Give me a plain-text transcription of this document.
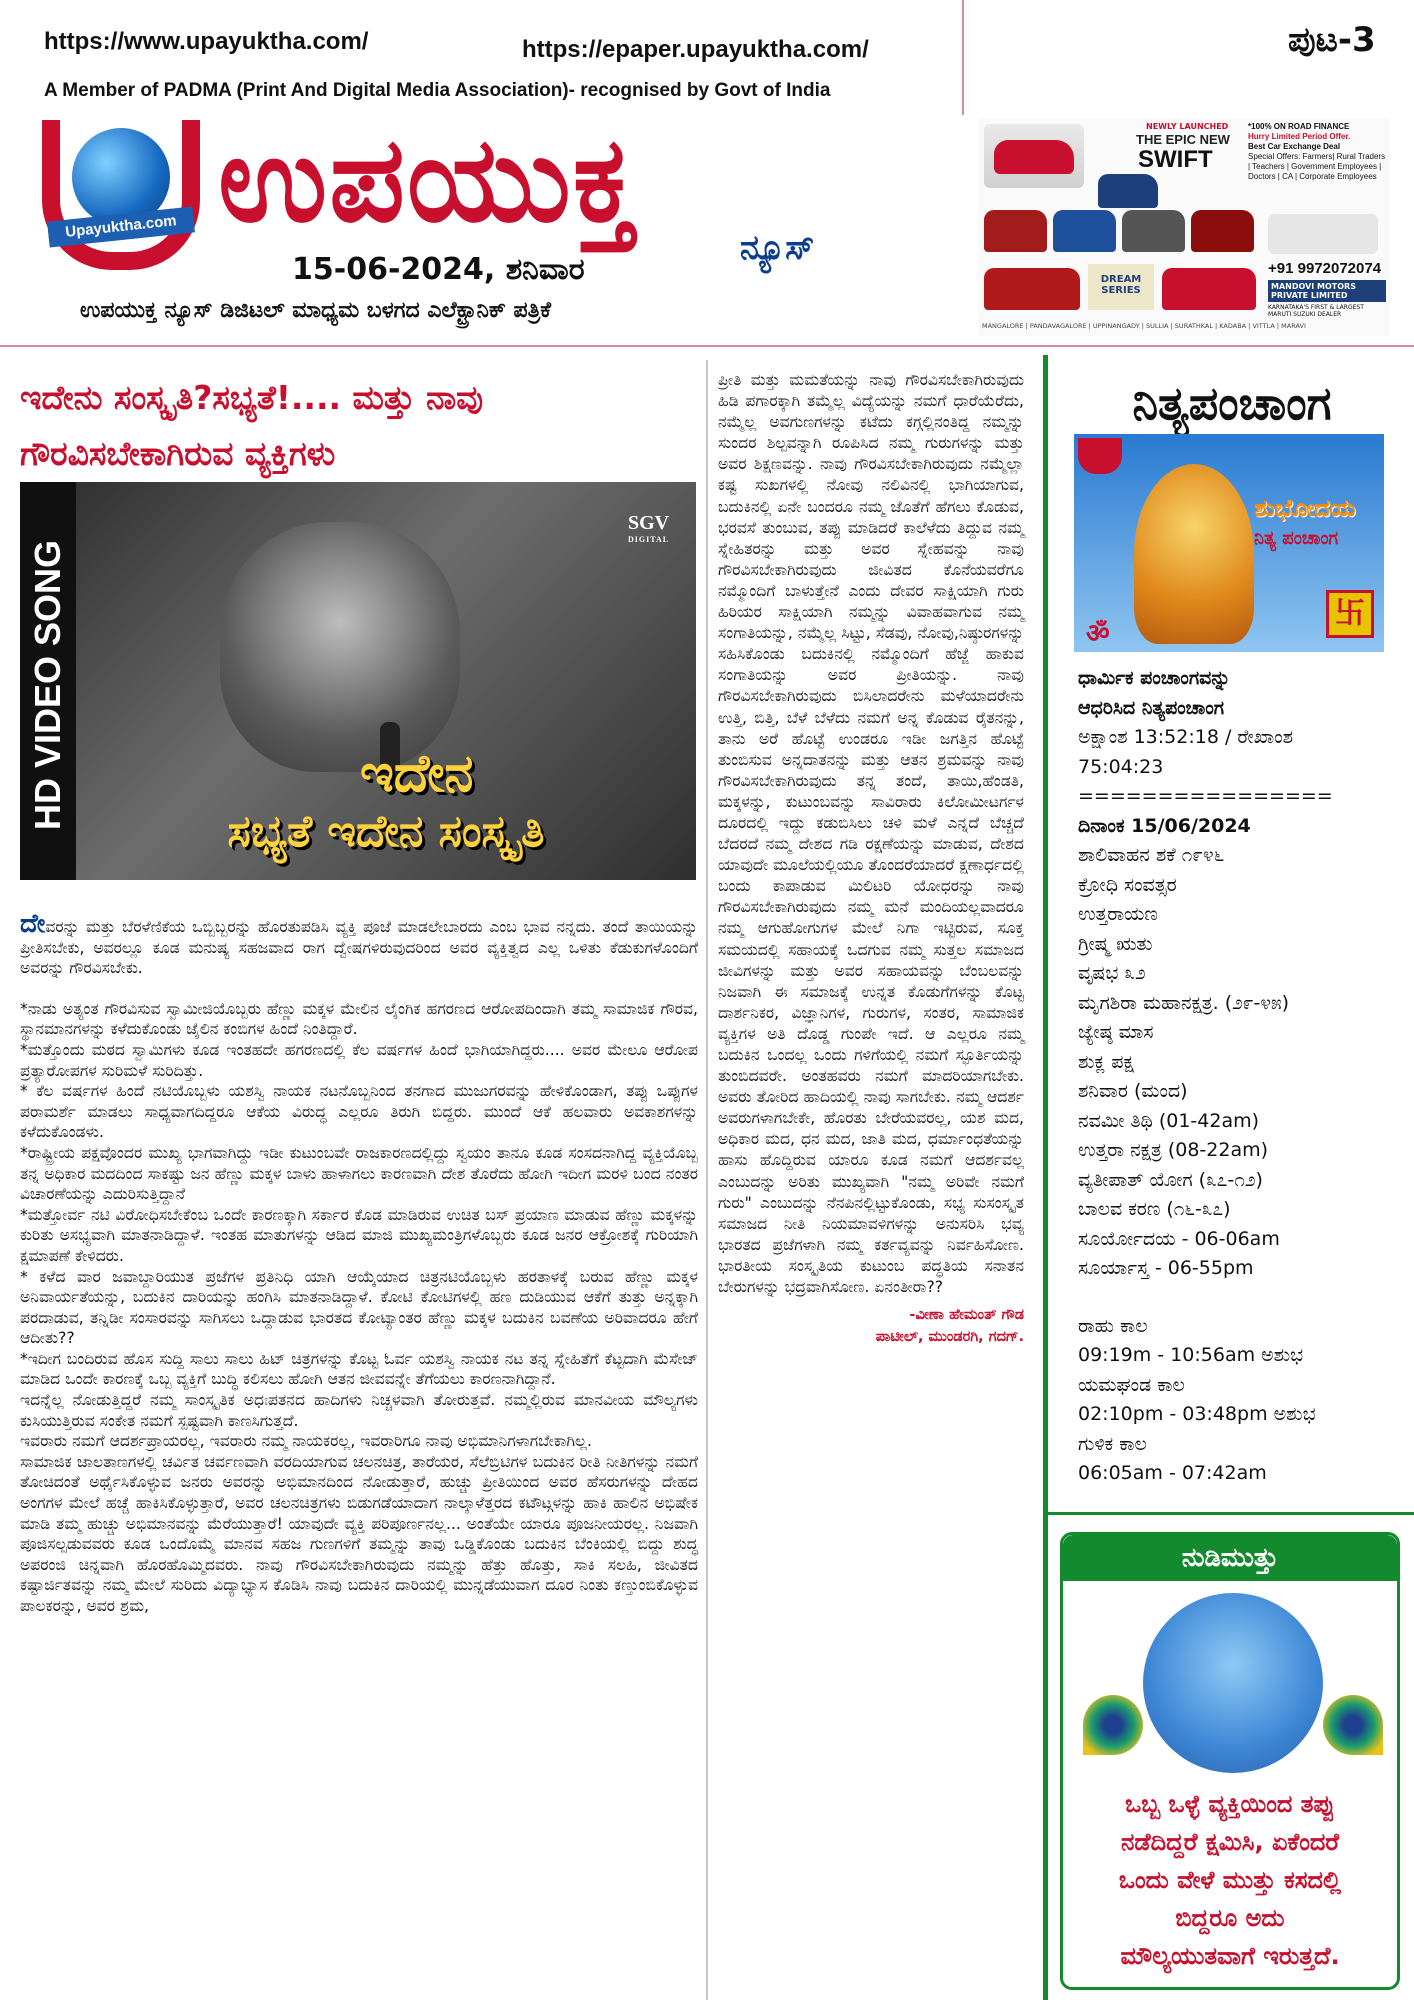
https://www.upayuktha.com/	https://epaper.upayuktha.com/	ಪುಟ-3
A Member of PADMA (Print And Digital Media Association)- recognised by Govt of India
Upayuktha.com ಉಪಯುಕ್ತ	ನ್ಯೂಸ್
15-06-2024, ಶನಿವಾರ
ಉಪಯುಕ್ತ ನ್ಯೂಸ್ ಡಿಜಿಟಲ್ ಮಾಧ್ಯಮ ಬಳಗದ ಎಲೆಕ್ಟ್ರಾನಿಕ್ ಪತ್ರಿಕೆ
NEWLY LAUNCHED
THE EPIC NEW
SWIFT
*100% ON ROAD FINANCE
Hurry Limited Period Offer.
Best Car Exchange Deal
Special Offers: Farmers| Rural Traders | Teachers | Government Employees | Doctors | CA | Corporate Employees
DREAM SERIES
+91 9972072074
MANDOVI MOTORS PRIVATE LIMITED
KARNATAKA'S FIRST & LARGEST MARUTI SUZUKI DEALER
MANGALORE | PANDAVAGALORE | UPPINANGADY | SULLIA | SURATHKAL | KADABA | VITTLA | MARAVI
ಇದೇನು ಸಂಸ್ಕೃತಿ?ಸಭ್ಯತೆ!.... ಮತ್ತು ನಾವು
ಗೌರವಿಸಬೇಕಾಗಿರುವ ವ್ಯಕ್ತಿಗಳು
HD VIDEO SONG
SGV
DIGITAL
ಇದೇನ
ಸಭ್ಯತೆ ಇದೇನ ಸಂಸ್ಕೃತಿ

ದೇವರನ್ನು ಮತ್ತು ಬೆರಳೆಣಿಕೆಯ ಒಬ್ಬಿಬ್ಬರನ್ನು ಹೊರತುಪಡಿಸಿ ವ್ಯಕ್ತಿ ಪೂಜೆ ಮಾಡಲೇಬಾರದು ಎಂಬ ಭಾವ ನನ್ನದು. ತಂದೆ ತಾಯಿಯನ್ನು ಪ್ರೀತಿಸಬೇಕು, ಅವರಲ್ಲೂ ಕೂಡ ಮನುಷ್ಯ ಸಹಜವಾದ ರಾಗ ದ್ವೇಷಗಳಿರುವುದರಿಂದ ಅವರ ವ್ಯಕ್ತಿತ್ವದ ಎಲ್ಲ ಒಳಿತು ಕೆಡುಕುಗಳೊಂದಿಗೆ ಅವರನ್ನು ಗೌರವಿಸಬೇಕು.

*ನಾಡು ಅತ್ಯಂತ ಗೌರವಿಸುವ ಸ್ವಾಮೀಜಿಯೊಬ್ಬರು ಹೆಣ್ಣು ಮಕ್ಕಳ ಮೇಲಿನ ಲೈಂಗಿಕ ಹಗರಣದ ಆರೋಪದಿಂದಾಗಿ ತಮ್ಮ ಸಾಮಾಜಿಕ ಗೌರವ, ಸ್ಥಾನಮಾನಗಳನ್ನು ಕಳೆದುಕೊಂಡು ಜೈಲಿನ ಕಂಬಿಗಳ ಹಿಂದೆ ನಿಂತಿದ್ದಾರೆ.

*ಮತ್ತೊಂದು ಮಠದ ಸ್ವಾಮಿಗಳು ಕೂಡ ಇಂತಹದೇ ಹಗರಣದಲ್ಲಿ ಕೆಲ ವರ್ಷಗಳ ಹಿಂದೆ ಭಾಗಿಯಾಗಿದ್ದರು.... ಅವರ ಮೇಲೂ ಆರೋಪ ಪ್ರತ್ಯಾರೋಪಗಳ ಸುರಿಮಳೆ ಸುರಿದಿತ್ತು.

* ಕೆಲ ವರ್ಷಗಳ ಹಿಂದೆ ನಟಿಯೊಬ್ಬಳು ಯಶಸ್ವಿ ನಾಯಕ ನಟನೊಬ್ಬನಿಂದ ತನಗಾದ ಮುಜುಗರವನ್ನು ಹೇಳಿಕೊಂಡಾಗ, ತಪ್ಪು ಒಪ್ಪುಗಳ ಪರಾಮರ್ಶೆ ಮಾಡಲು ಸಾಧ್ಯವಾಗದಿದ್ದರೂ ಆಕೆಯ ವಿರುದ್ಧ ಎಲ್ಲರೂ ತಿರುಗಿ ಬಿದ್ದರು. ಮುಂದೆ ಆಕೆ ಹಲವಾರು ಅವಕಾಶಗಳನ್ನು ಕಳೆದುಕೊಂಡಳು.

*ರಾಷ್ಟ್ರೀಯ ಪಕ್ಷವೊಂದರ ಮುಖ್ಯ ಭಾಗವಾಗಿದ್ದು ಇಡೀ ಕುಟುಂಬವೇ ರಾಜಕಾರಣದಲ್ಲಿದ್ದು ಸ್ವಯಂ ತಾನೂ ಕೂಡ ಸಂಸದನಾಗಿದ್ದ ವ್ಯಕ್ತಿಯೊಬ್ಬ ತನ್ನ ಅಧಿಕಾರ ಮದದಿಂದ ಸಾಕಷ್ಟು ಜನ ಹೆಣ್ಣು ಮಕ್ಕಳ ಬಾಳು ಹಾಳಾಗಲು ಕಾರಣವಾಗಿ ದೇಶ ತೊರೆದು ಹೋಗಿ ಇದೀಗ ಮರಳಿ ಬಂದ ನಂತರ ವಿಚಾರಣೆಯನ್ನು ಎದುರಿಸುತ್ತಿದ್ದಾನೆ

*ಮತ್ತೋರ್ವ ನಟಿ ವಿರೋಧಿಸಬೇಕೆಂಬ ಒಂದೇ ಕಾರಣಕ್ಕಾಗಿ ಸರ್ಕಾರ ಕೊಡ ಮಾಡಿರುವ ಉಚಿತ ಬಸ್ ಪ್ರಯಾಣ ಮಾಡುವ ಹೆಣ್ಣು ಮಕ್ಕಳನ್ನು ಕುರಿತು ಅಸಭ್ಯವಾಗಿ ಮಾತನಾಡಿದ್ದಾಳೆ. ಇಂತಹ ಮಾತುಗಳನ್ನು ಆಡಿದ ಮಾಜಿ ಮುಖ್ಯಮಂತ್ರಿಗಳೊಬ್ಬರು ಕೂಡ ಜನರ ಆಕ್ರೋಶಕ್ಕೆ ಗುರಿಯಾಗಿ ಕ್ಷಮಾಪಣೆ ಕೇಳಿದರು.

* ಕಳೆದ ವಾರ ಜವಾಬ್ದಾರಿಯುತ ಪ್ರಜೆಗಳ ಪ್ರತಿನಿಧಿ ಯಾಗಿ ಆಯ್ಕೆಯಾದ ಚಿತ್ರನಟಿಯೊಬ್ಬಳು ಹರತಾಳಕ್ಕೆ ಬರುವ ಹೆಣ್ಣು ಮಕ್ಕಳ ಅನಿವಾರ್ಯತೆಯನ್ನು, ಬದುಕಿನ ದಾರಿಯನ್ನು ಹಂಗಿಸಿ ಮಾತನಾಡಿದ್ದಾಳೆ. ಕೋಟಿ ಕೋಟಿಗಳಲ್ಲಿ ಹಣ ದುಡಿಯುವ ಆಕೆಗೆ ತುತ್ತು ಅನ್ನಕ್ಕಾಗಿ ಪರದಾಡುವ, ತನ್ನಿಡೀ ಸಂಸಾರವನ್ನು ಸಾಗಿಸಲು ಒದ್ದಾಡುವ ಭಾರತದ ಕೋಟ್ಯಾಂತರ ಹೆಣ್ಣು ಮಕ್ಕಳ ಬದುಕಿನ ಬವಣೆಯ ಅರಿವಾದರೂ ಹೇಗೆ ಆದೀತು??

*ಇದೀಗ ಬಂದಿರುವ ಹೊಸ ಸುದ್ದಿ ಸಾಲು ಸಾಲು ಹಿಟ್ ಚಿತ್ರಗಳನ್ನು ಕೊಟ್ಟ ಓರ್ವ ಯಶಸ್ವಿ ನಾಯಕ ನಟ ತನ್ನ ಸ್ನೇಹಿತೆಗೆ ಕೆಟ್ಟದಾಗಿ ಮೆಸೇಜ್ ಮಾಡಿದ ಒಂದೇ ಕಾರಣಕ್ಕೆ ಒಬ್ಬ ವ್ಯಕ್ತಿಗೆ ಬುದ್ಧಿ ಕಲಿಸಲು ಹೋಗಿ ಆತನ ಜೀವವನ್ನೇ ತೆಗೆಯಲು ಕಾರಣನಾಗಿದ್ದಾನೆ.

ಇದನ್ನೆಲ್ಲ ನೋಡುತ್ತಿದ್ದರೆ ನಮ್ಮ ಸಾಂಸ್ಕೃತಿಕ ಅಧಃಪತನದ ಹಾದಿಗಳು ನಿಚ್ಚಳವಾಗಿ ತೋರುತ್ತವೆ. ನಮ್ಮಲ್ಲಿರುವ ಮಾನವೀಯ ಮೌಲ್ಯಗಳು ಕುಸಿಯುತ್ತಿರುವ ಸಂಕೇತ ನಮಗೆ ಸ್ಪಷ್ಟವಾಗಿ ಕಾಣಸಿಗುತ್ತದೆ.

ಇವರಾರು ನಮಗೆ ಆದರ್ಶಪ್ರಾಯರಲ್ಲ, ಇವರಾರು ನಮ್ಮ ನಾಯಕರಲ್ಲ, ಇವರಾರಿಗೂ ನಾವು ಅಭಿಮಾನಿಗಳಾಗಬೇಕಾಗಿಲ್ಲ.

ಸಾಮಾಜಿಕ ಜಾಲತಾಣಗಳಲ್ಲಿ ಚರ್ವಿತ ಚರ್ವಣವಾಗಿ ವರದಿಯಾಗುವ ಚಲನಚಿತ್ರ, ತಾರೆಯರ, ಸೆಲೆಬ್ರಿಟಿಗಳ ಬದುಕಿನ ರೀತಿ ನೀತಿಗಳನ್ನು ನಮಗೆ ತೋಚಿದಂತೆ ಅರ್ಥೈಸಿಕೊಳ್ಳುವ ಜನರು ಅವರನ್ನು ಅಭಿಮಾನದಿಂದ ನೋಡುತ್ತಾರೆ, ಹುಚ್ಚು ಪ್ರೀತಿಯಿಂದ ಅವರ ಹೆಸರುಗಳನ್ನು ದೇಹದ ಅಂಗಗಳ ಮೇಲೆ ಹಚ್ಚೆ ಹಾಕಿಸಿಕೊಳ್ಳುತ್ತಾರೆ, ಅವರ ಚಲನಚಿತ್ರಗಳು ಬಿಡುಗಡೆಯಾದಾಗ ನಾಲ್ಕಾಳೆತ್ತರದ ಕಟೌಟ್ಗಳನ್ನು ಹಾಕಿ ಹಾಲಿನ ಅಭಿಷೇಕ ಮಾಡಿ ತಮ್ಮ ಹುಚ್ಚು ಅಭಿಮಾನವನ್ನು ಮೆರೆಯುತ್ತಾರೆ! ಯಾವುದೇ ವ್ಯಕ್ತಿ ಪರಿಪೂರ್ಣನಲ್ಲ... ಅಂತೆಯೇ ಯಾರೂ ಪೂಜನೀಯರಲ್ಲ. ನಿಜವಾಗಿ ಪೂಜಿಸಲ್ಪಡುವವರು ಕೂಡ ಒಂದೊಮ್ಮೆ ಮಾನವ ಸಹಜ ಗುಣಗಳಿಗೆ ತಮ್ಮನ್ನು ತಾವು ಒಡ್ಡಿಕೊಂಡು ಬದುಕಿನ ಬೆಂಕಿಯಲ್ಲಿ ಬಿದ್ದು ಶುದ್ಧ ಅಪರಂಜಿ ಚಿನ್ನವಾಗಿ ಹೊರಹೊಮ್ಮಿದವರು. ನಾವು ಗೌರವಿಸಬೇಕಾಗಿರುವುದು ನಮ್ಮನ್ನು ಹೆತ್ತು ಹೊತ್ತು, ಸಾಕಿ ಸಲಹಿ, ಜೀವಿತದ ಕಷ್ಟಾರ್ಜಿತವನ್ನು ನಮ್ಮ ಮೇಲೆ ಸುರಿದು ವಿದ್ಯಾಭ್ಯಾಸ ಕೊಡಿಸಿ ನಾವು ಬದುಕಿನ ದಾರಿಯಲ್ಲಿ ಮುನ್ನಡೆಯುವಾಗ ದೂರ ನಿಂತು ಕಣ್ತುಂಬಿಕೊಳ್ಳುವ ಪಾಲಕರನ್ನು, ಅವರ ಶ್ರಮ,

ಪ್ರೀತಿ ಮತ್ತು ಮಮತೆಯನ್ನು ನಾವು ಗೌರವಿಸಬೇಕಾಗಿರುವುದು ಹಿಡಿ ಪಗಾರಕ್ಕಾಗಿ ತಮ್ಮೆಲ್ಲ ವಿದ್ಯೆಯನ್ನು ನಮಗೆ ಧಾರೆಯೆರೆದು, ನಮ್ಮೆಲ್ಲ ಅವಗುಣಗಳನ್ನು ಕಟೆದು ಕಗ್ಗಲ್ಲಿನಂತಿದ್ದ ನಮ್ಮನ್ನು ಸುಂದರ ಶಿಲ್ಪವನ್ನಾಗಿ ರೂಪಿಸಿದ ನಮ್ಮ ಗುರುಗಳನ್ನು ಮತ್ತು ಅವರ ಶಿಕ್ಷಣವನ್ನು. ನಾವು ಗೌರವಿಸಬೇಕಾಗಿರುವುದು ನಮ್ಮೆಲ್ಲಾ ಕಷ್ಟ ಸುಖಗಳಲ್ಲಿ ನೋವು ನಲಿವಿನಲ್ಲಿ ಭಾಗಿಯಾಗುವ, ಬದುಕಿನಲ್ಲಿ ಏನೇ ಬಂದರೂ ನಮ್ಮ ಜೊತೆಗೆ ಹೆಗಲು ಕೊಡುವ, ಭರವಸೆ ತುಂಬುವ, ತಪ್ಪು ಮಾಡಿದರೆ ಕಾಲೆಳೆದು ತಿದ್ದುವ ನಮ್ಮ ಸ್ನೇಹಿತರನ್ನು ಮತ್ತು ಅವರ ಸ್ನೇಹವನ್ನು ನಾವು ಗೌರವಿಸಬೇಕಾಗಿರುವುದು ಜೀವಿತದ ಕೊನೆಯವರೆಗೂ ನಮ್ಮೊಂದಿಗೆ ಬಾಳುತ್ತೇನೆ ಎಂದು ದೇವರ ಸಾಕ್ಷಿಯಾಗಿ ಗುರು ಹಿರಿಯರ ಸಾಕ್ಷಿಯಾಗಿ ನಮ್ಮನ್ನು ವಿವಾಹವಾಗುವ ನಮ್ಮ ಸಂಗಾತಿಯನ್ನು, ನಮ್ಮೆಲ್ಲ ಸಿಟ್ಟು, ಸೆಡವು, ನೋವು,ನಿಷ್ಠುರಗಳನ್ನು ಸಹಿಸಿಕೊಂಡು ಬದುಕಿನಲ್ಲಿ ನಮ್ಮೊಂದಿಗೆ ಹೆಜ್ಜೆ ಹಾಕುವ ಸಂಗಾತಿಯನ್ನು ಅವರ ಪ್ರೀತಿಯನ್ನು. ನಾವು ಗೌರವಿಸಬೇಕಾಗಿರುವುದು ಬಿಸಿಲಾದರೇನು ಮಳೆಯಾದರೇನು ಉತ್ತಿ, ಬಿತ್ತಿ, ಬೆಳೆ ಬೆಳೆದು ನಮಗೆ ಅನ್ನ ಕೊಡುವ ರೈತನನ್ನು, ತಾನು ಅರೆ ಹೊಟ್ಟೆ ಉಂಡರೂ ಇಡೀ ಜಗತ್ತಿನ ಹೊಟ್ಟೆ ತುಂಬಿಸುವ ಅನ್ನದಾತನನ್ನು ಮತ್ತು ಆತನ ಶ್ರಮವನ್ನು ನಾವು ಗೌರವಿಸಬೇಕಾಗಿರುವುದು ತನ್ನ ತಂದೆ, ತಾಯಿ,ಹೆಂಡತಿ, ಮಕ್ಕಳನ್ನು, ಕುಟುಂಬವನ್ನು ಸಾವಿರಾರು ಕಿಲೋಮೀಟರ್ಗಳ ದೂರದಲ್ಲಿ ಇದ್ದು ಕಡುಬಿಸಿಲು ಚಳಿ ಮಳೆ ಎನ್ನದೆ ಬೆಚ್ಚದೆ ಬೆದರದೆ ನಮ್ಮ ದೇಶದ ಗಡಿ ರಕ್ಷಣೆಯನ್ನು ಮಾಡುವ, ದೇಶದ ಯಾವುದೇ ಮೂಲೆಯಲ್ಲಿಯೂ ತೊಂದರೆಯಾದರೆ ಕ್ಷಣಾರ್ಧದಲ್ಲಿ ಬಂದು ಕಾಪಾಡುವ ಮಿಲಿಟರಿ ಯೋಧರನ್ನು ನಾವು ಗೌರವಿಸಬೇಕಾಗಿರುವುದು ನಮ್ಮ ಮನೆ ಮಂದಿಯಲ್ಲವಾದರೂ ನಮ್ಮ ಆಗುಹೋಗುಗಳ ಮೇಲೆ ನಿಗಾ ಇಟ್ಟಿರುವ, ಸೂಕ್ತ ಸಮಯದಲ್ಲಿ ಸಹಾಯಕ್ಕೆ ಒದಗುವ ನಮ್ಮ ಸುತ್ತಲ ಸಮಾಜದ ಜೀವಿಗಳನ್ನು ಮತ್ತು ಅವರ ಸಹಾಯವನ್ನು ಬೆಂಬಲವನ್ನು ನಿಜವಾಗಿ ಈ ಸಮಾಜಕ್ಕೆ ಉನ್ನತ ಕೊಡುಗೆಗಳನ್ನು ಕೊಟ್ಟ ದಾರ್ಶನಿಕರ, ವಿಜ್ಞಾನಿಗಳ, ಗುರುಗಳ, ಸಂತರ, ಸಾಮಾಜಿಕ ವ್ಯಕ್ತಿಗಳ ಅತಿ ದೊಡ್ಡ ಗುಂಪೇ ಇದೆ. ಆ ಎಲ್ಲರೂ ನಮ್ಮ ಬದುಕಿನ ಒಂದಲ್ಲ ಒಂದು ಗಳಿಗೆಯಲ್ಲಿ ನಮಗೆ ಸ್ಫೂರ್ತಿಯನ್ನು ತುಂಬಿದವರೇ. ಅಂತಹವರು ನಮಗೆ ಮಾದರಿಯಾಗಬೇಕು. ಅವರು ತೋರಿದ ಹಾದಿಯಲ್ಲಿ ನಾವು ಸಾಗಬೇಕು. ನಮ್ಮ ಆದರ್ಶ ಅವರುಗಳಾಗಬೇಕೇ, ಹೊರತು ಬೇರೆಯವರಲ್ಲ, ಯಶ ಮದ, ಅಧಿಕಾರ ಮದ, ಧನ ಮದ, ಜಾತಿ ಮದ, ಧರ್ಮಾಂಧತೆಯನ್ನು ಹಾಸು ಹೊದ್ದಿರುವ ಯಾರೂ ಕೂಡ ನಮಗೆ ಆದರ್ಶವಲ್ಲ ಎಂಬುದನ್ನು ಅರಿತು ಮುಖ್ಯವಾಗಿ "ನಮ್ಮ ಅರಿವೇ ನಮಗೆ ಗುರು" ಎಂಬುದನ್ನು ನೆನಪಿನಲ್ಲಿಟ್ಟುಕೊಂಡು, ಸಭ್ಯ ಸುಸಂಸ್ಕೃತ ಸಮಾಜದ ನೀತಿ ನಿಯಮಾವಳಿಗಳನ್ನು ಅನುಸರಿಸಿ ಭವ್ಯ ಭಾರತದ ಪ್ರಜೆಗಳಾಗಿ ನಮ್ಮ ಕರ್ತವ್ಯವನ್ನು ನಿರ್ವಹಿಸೋಣ. ಭಾರತೀಯ ಸಂಸ್ಕೃತಿಯ ಕುಟುಂಬ ಪದ್ಧತಿಯ ಸನಾತನ ಬೇರುಗಳನ್ನು ಭದ್ರವಾಗಿಸೋಣ. ಏನಂತೀರಾ??

-ವೀಣಾ ಹೇಮಂತ್ ಗೌಡ
ಪಾಟೀಲ್, ಮುಂಡರಗಿ, ಗದಗ್.
ನಿತ್ಯಪಂಚಾಂಗ
ಶುಭೋದಯ
ನಿತ್ಯ ಪಂಚಾಂಗ
卐
ॐ
ಧಾರ್ಮಿಕ ಪಂಚಾಂಗವನ್ನು
ಆಧರಿಸಿದ ನಿತ್ಯಪಂಚಾಂಗ
ಅಕ್ಷಾಂಶ 13:52:18 / ರೇಖಾಂಶ
75:04:23
================
ದಿನಾಂಕ 15/06/2024
ಶಾಲಿವಾಹನ ಶಕೆ ೧೯೪೬
ಕ್ರೋಧಿ ಸಂವತ್ಸರ
ಉತ್ತರಾಯಣ
ಗ್ರೀಷ್ಮ ಋತು
ವೃಷಭ ೩೨
ಮೃಗಶಿರಾ ಮಹಾನಕ್ಷತ್ರ. (೨೯-೪೫)
ಜ್ಯೇಷ್ಠ ಮಾಸ
ಶುಕ್ಲ ಪಕ್ಷ
ಶನಿವಾರ (ಮಂದ)
ನವಮೀ ತಿಥಿ (01-42am)
ಉತ್ತರಾ ನಕ್ಷತ್ರ (08-22am)
ವ್ಯತೀಪಾತ್ ಯೋಗ (೩೭-೧೨)
ಬಾಲವ ಕರಣ (೧೬-೩೭)
ಸೂರ್ಯೋದಯ - 06-06am
ಸೂರ್ಯಾಸ್ತ - 06-55pm
ರಾಹು ಕಾಲ
09:19m - 10:56am ಅಶುಭ
ಯಮಘಂಡ ಕಾಲ
02:10pm - 03:48pm ಅಶುಭ
ಗುಳಿಕ ಕಾಲ
06:05am - 07:42am
ನುಡಿಮುತ್ತು
ಒಬ್ಬ ಒಳ್ಳೆ ವ್ಯಕ್ತಿಯಿಂದ ತಪ್ಪು
ನಡೆದಿದ್ದರೆ ಕ್ಷಮಿಸಿ, ಏಕೆಂದರೆ
ಒಂದು ವೇಳೆ ಮುತ್ತು ಕಸದಲ್ಲಿ
ಬಿದ್ದರೂ ಅದು
ಮೌಲ್ಯಯುತವಾಗೆ ಇರುತ್ತದೆ.
